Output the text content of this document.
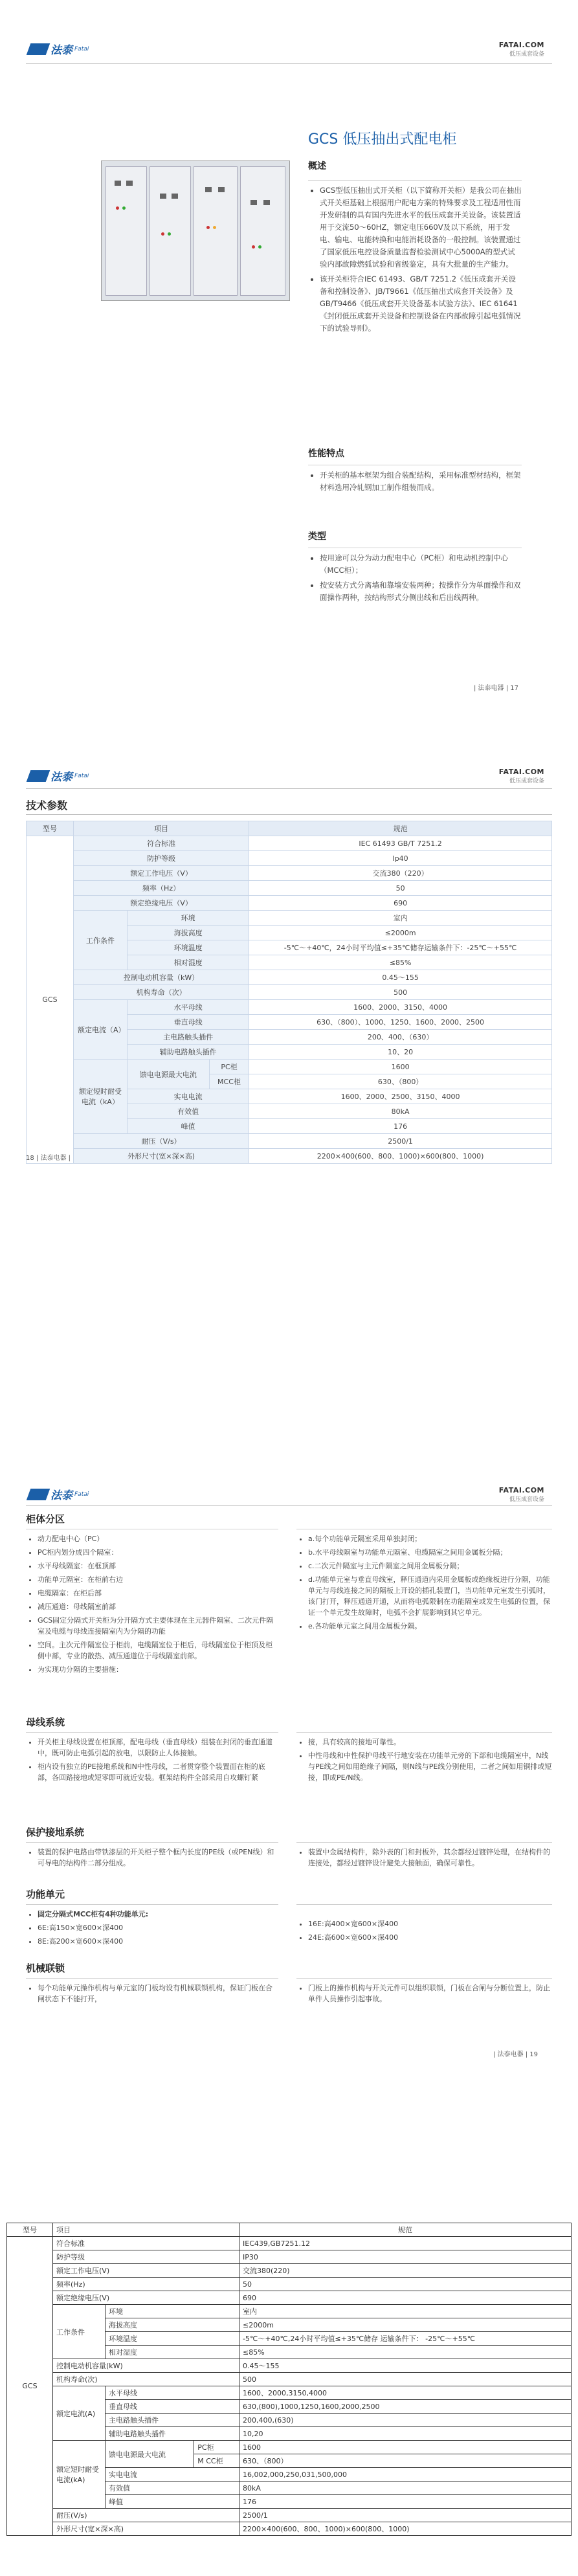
法泰 Fatai	FATAI.COM
低压成套设备
GCS 低压抽出式配电柜
概述
• GCS型低压抽出式开关柜（以下简称开关柜）是我公司在抽出式开关柜基础上根据用户配电方案的特殊要求及工程适用性而开发研制的具有国内先进水平的低压成套开关设备。该装置适用于交流50～60HZ，额定电压660V及以下系统，用于发电、输电、电能转换和电能消耗设备的一般控制。该装置通过了国家低压电控设备质量监督检验测试中心5000A的型式试验内部故障燃弧试验和省级鉴定，具有大批量的生产能力。
• 该开关柜符合IEC 61493、GB/T 7251.2《低压成套开关设备和控制设备》、JB/T9661《低压抽出式成套开关设备》及GB/T9466《低压成套开关设备基本试验方法》、IEC 61641《封闭低压成套开关设备和控制设备在内部故障引起电弧情况下的试验导则》。
性能特点
• 开关柜的基本框架为组合装配结构，采用标准型材结构，框架材料选用冷轧钢加工制作组装而成。
类型
• 按用途可以分为动力配电中心（PC柜）和电动机控制中心（MCC柜）；
• 按安装方式分离墙和靠墙安装两种；按操作分为单面操作和双面操作两种，按结构形式分侧出线和后出线两种。
| 法泰电器 | 17
法泰 Fatai	FATAI.COM
低压成套设备
技术参数
型号	项目			规范
GCS	符合标准			IEC 61493 GB/T 7251.2
	防护等级			Ip40
	额定工作电压（V）			交流380（220）
	频率（Hz）			50
	额定绝缘电压（V）			690
	工作条件	环境		室内
		海拔高度		≤2000m
		环境温度		-5℃～+40℃，24小时平均值≤+35℃储存运输条件下：-25℃～+55℃
		相对湿度		≤85%
	控制电动机容量（kW）			0.45～155
	机构寿命（次）			500
	额定电流（A）	水平母线		1600、2000、3150、4000
		垂直母线		630、（800）、1000、1250、1600、2000、2500
		主电路触头插件		200、400、（630）
		辅助电路触头插件		10、20
	额定短时耐受电流（kA）	馈电电源最大电流	PC柜	1600
			MCC柜	630、（800）
		实电电流		1600、2000、2500、3150、4000
		有效值		80kA
		峰值		176
	耐压（V/s）			2500/1
	外形尺寸(宽×深×高)			2200×400(600、800、1000)×600(800、1000)
18 | 法泰电器 |
法泰 Fatai	FATAI.COM
低压成套设备
柜体分区
• 动力配电中心（PC）
• PC柜内划分成四个隔室：
• 水平母线隔室：在框顶部
• 功能单元隔室：在柜前右边
• 电缆隔室：在柜后部
• 减压通道：母线隔室前部
• GCS固定分隔式开关柜为分开隔方式主要体现在主元器件隔室、二次元件隔室及电缆与母线连接隔室内为分隔的功能
• 空间。主次元件隔室位于柜前，电缆隔室位于柜后，母线隔室位于柜顶及柜侧中部，专业的散热、减压通道位于母线隔室前部。
• 为实现功分隔的主要措施：
• a.每个功能单元隔室采用单独封闭；
• b.水平母线隔室与功能单元隔室、电缆隔室之间用金属板分隔；
• c.二次元件隔室与主元件隔室之间用金属板分隔；
• d.功能单元室与垂直母线室，释压通道内采用金属板或绝缘板进行分隔，功能单元与母线连接之间的隔板上开设的插孔装置门，当功能单元室发生引弧时，该门打开，释压通道开通，从而将电弧限制在功能隔室或发生电弧的位置，保证一个单元发生故障时，电弧不会扩展影响到其它单元。
• e.各功能单元室之间用金属板分隔。
母线系统
• 开关柜主母线设置在柜顶部，配电母线（垂直母线）组装在封闭的垂直通道中，既可防止电弧引起的放电，以限防止人体接触。
• 柜内设有独立的PE接地系统和N中性母线，二者贯穿整个装置面在柜的底部，各回路接地或短零即可就近安装。框架结构件全部采用自攻螺钉紧
• 接，具有较高的接地可靠性。
• 中性母线和中性保护母线平行地安装在功能单元旁的下部和电缆隔室中，N线与PE线之间如用绝缘子间隔，则N线与PE线分别使用，二者之间如用铜排或短接，即成PE/N线。
保护接地系统
• 装置的保护电路由带铁漆层的开关柜子整个框内长度的PE线（或PEN线）和可导电的结构件二部分组成。
• 装置中金属结构件，除外表的门和封板外，其余都经过镀锌处理，在结构件的连接处，都经过镀锌设计避免大接触面，确保可靠性。
功能单元
• 固定分隔式MCC柜有4种功能单元:
• 6E:高150×宽600×深400
• 8E:高200×宽600×深400
• 16E:高400×宽600×深400
• 24E:高600×宽600×深400
机械联锁
• 每个功能单元操作机构与单元室的门板均设有机械联锁机构，保证门板在合闸状态下不能打开，
• 门板上的操作机构与开关元件可以组织联锁，门板在合闸与分断位置上，防止单件人员操作引起事故。
| 法泰电器 | 19
型号	项目			规范
GCS	符合标准			IEC439,GB7251.12
	防护等级			IP30
	额定工作电压(V)			交流380(220)
	频率(Hz)			50
	额定绝缘电压(V)			690
	工作条件	环境		室内
		海拔高度		≤2000m
		环境温度		-5℃～+40℃,24小时平均值≤+35℃储存 运输条件下： -25℃～+55℃
		相对湿度		≤85%
	控制电动机容量(kW)			0.45～155
	机构寿命(次)			500
	额定电流(A)	水平母线		1600、2000,3150,4000
		垂直母线		630,(800),1000,1250,1600,2000,2500
		主电路触头插件		200,400,(630)
		辅助电路触头插件		10,20
	额定短时耐受电流(kA)	馈电电源最大电流	PC柜	1600
			M CC柜	630、（800）
		实电电流		16,002,000,250,031,500,000
		有效值		80kA
		峰值		176
	耐压(V/s)			2500/1
	外形尺寸(宽×深×高)			2200×400(600、800、1000)×600(800、1000)
